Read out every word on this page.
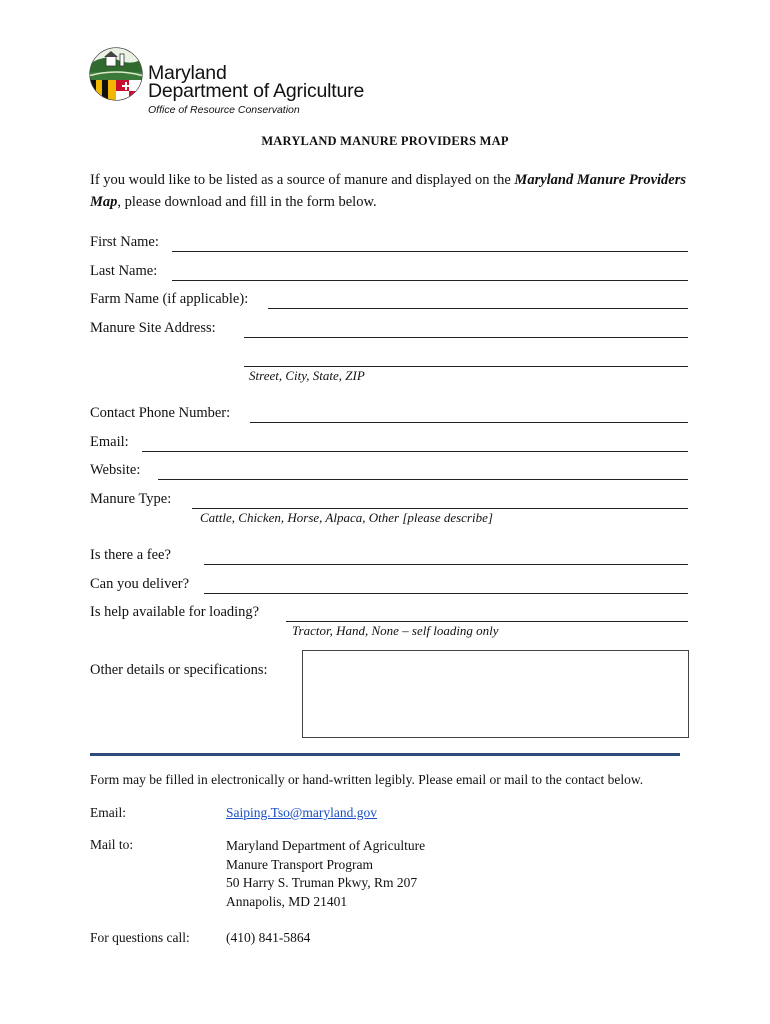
Maryland
Department of Agriculture
Office of Resource Conservation
MARYLAND MANURE PROVIDERS MAP
If you would like to be listed as a source of manure and displayed on the Maryland Manure Providers Map, please download and fill in the form below.
First Name:
Last Name:
Farm Name (if applicable):
Manure Site Address:
Street, City, State, ZIP
Contact Phone Number:
Email:
Website:
Manure Type:
Cattle, Chicken, Horse, Alpaca, Other [please describe]
Is there a fee?
Can you deliver?
Is help available for loading?
Tractor, Hand, None – self loading only
Other details or specifications:
Form may be filled in electronically or hand-written legibly. Please email or mail to the contact below.
Email:	Saiping.Tso@maryland.gov
Mail to:	Maryland Department of Agriculture
Manure Transport Program
50 Harry S. Truman Pkwy, Rm 207
Annapolis, MD 21401
For questions call:	(410) 841-5864
